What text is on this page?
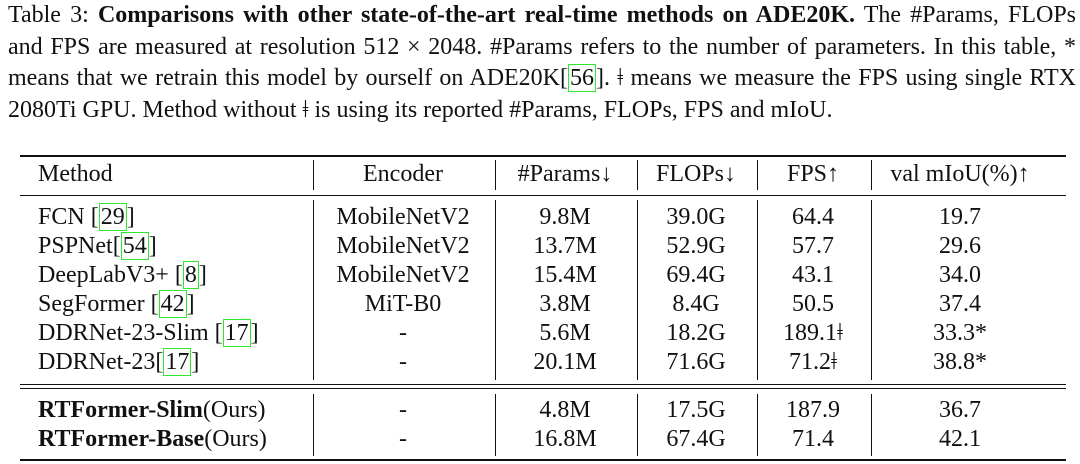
Table 3: Comparisons with other state-of-the-art real-time methods on ADE20K. The #Params, FLOPs and FPS are measured at resolution 512 × 2048. #Params refers to the number of parameters. In this table, * means that we retrain this model by ourself on ADE20K[56]. ǂ means we measure the FPS using single RTX 2080Ti GPU. Method without ǂ is using its reported #Params, FLOPs, FPS and mIoU.
Method	Encoder	#Params↓	FLOPs↓	FPS↑	val mIoU(%)↑
FCN [29]	MobileNetV2	9.8M	39.0G	64.4	19.7
PSPNet[54]	MobileNetV2	13.7M	52.9G	57.7	29.6
DeepLabV3+ [8]	MobileNetV2	15.4M	69.4G	43.1	34.0
SegFormer [42]	MiT-B0	3.8M	8.4G	50.5	37.4
DDRNet-23-Slim [17]	-	5.6M	18.2G	189.1ǂ	33.3*
DDRNet-23[17]	-	20.1M	71.6G	71.2ǂ	38.8*
RTFormer-Slim(Ours)	-	4.8M	17.5G	187.9	36.7
RTFormer-Base(Ours)	-	16.8M	67.4G	71.4	42.1
